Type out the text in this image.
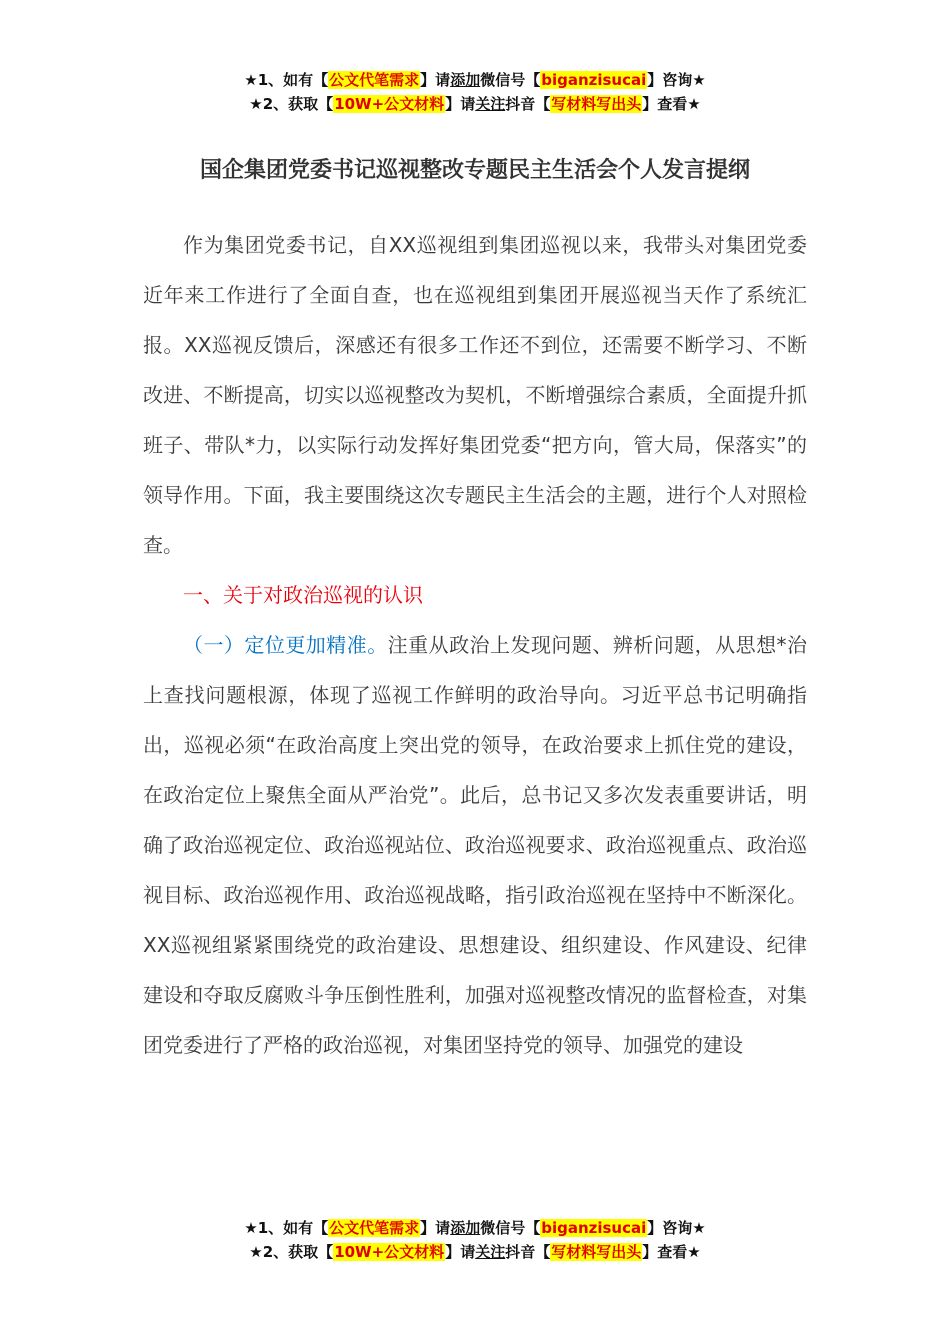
★1、如有【公文代笔需求】请添加微信号【biganzisucai】咨询★
★2、获取【10W+公文材料】请关注抖音【写材料写出头】查看★
国企集团党委书记巡视整改专题民主生活会个人发言提纲

作为集团党委书记，自XX巡视组到集团巡视以来，我带头对集团党委近年来工作进行了全面自查，也在巡视组到集团开展巡视当天作了系统汇报。XX巡视反馈后，深感还有很多工作还不到位，还需要不断学习、不断改进、不断提高，切实以巡视整改为契机，不断增强综合素质，全面提升抓班子、带队*力，以实际行动发挥好集团党委“把方向，管大局，保落实”的领导作用。下面，我主要围绕这次专题民主生活会的主题，进行个人对照检查。

一、关于对政治巡视的认识

（一）定位更加精准。注重从政治上发现问题、辨析问题，从思想*治上查找问题根源，体现了巡视工作鲜明的政治导向。习近平总书记明确指出，巡视必须“在政治高度上突出党的领导，在政治要求上抓住党的建设，在政治定位上聚焦全面从严治党”。此后，总书记又多次发表重要讲话，明确了政治巡视定位、政治巡视站位、政治巡视要求、政治巡视重点、政治巡视目标、政治巡视作用、政治巡视战略，指引政治巡视在坚持中不断深化。XX巡视组紧紧围绕党的政治建设、思想建设、组织建设、作风建设、纪律建设和夺取反腐败斗争压倒性胜利，加强对巡视整改情况的监督检查，对集团党委进行了严格的政治巡视，对集团坚持党的领导、加强党的建设

★1、如有【公文代笔需求】请添加微信号【biganzisucai】咨询★
★2、获取【10W+公文材料】请关注抖音【写材料写出头】查看★
